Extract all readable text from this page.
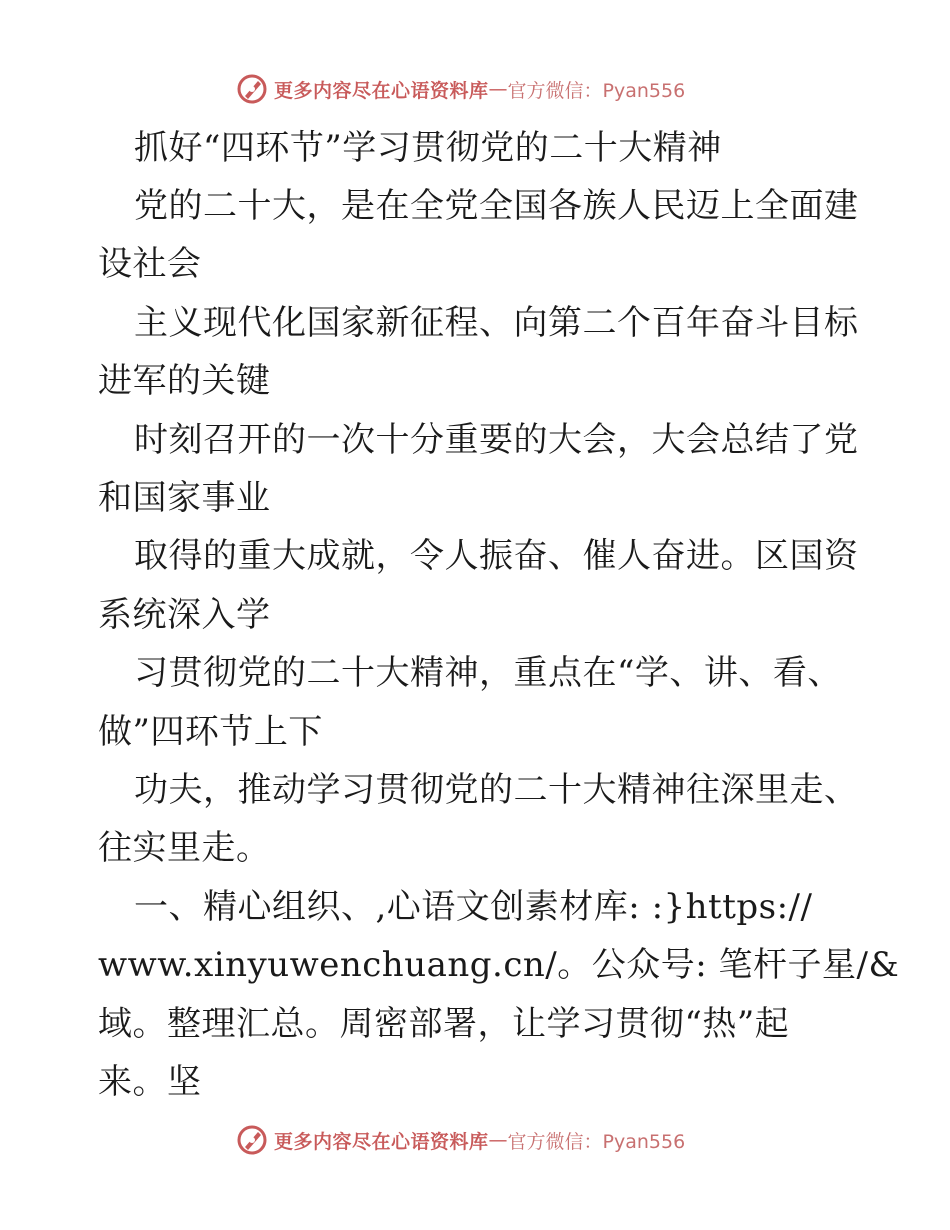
更多内容尽在心语资料库 — 官方微信：Pyan556
抓好“四环节”学习贯彻党的二十大精神
党的二十大，是在全党全国各族人民迈上全面建
设社会
主义现代化国家新征程、向第二个百年奋斗目标
进军的关键
时刻召开的一次十分重要的大会，大会总结了党
和国家事业
取得的重大成就，令人振奋、催人奋进。区国资
系统深入学
习贯彻党的二十大精神，重点在“学、讲、看、
做”四环节上下
功夫，推动学习贯彻党的二十大精神往深里走、
往实里走。
一、精心组织、,心语文创素材库: :}https://
www.xinyuwenchuang.cn/。公众号: 笔杆子星/&
域。整理汇总。周密部署，让学习贯彻“热”起
来。坚
更多内容尽在心语资料库 — 官方微信：Pyan556
